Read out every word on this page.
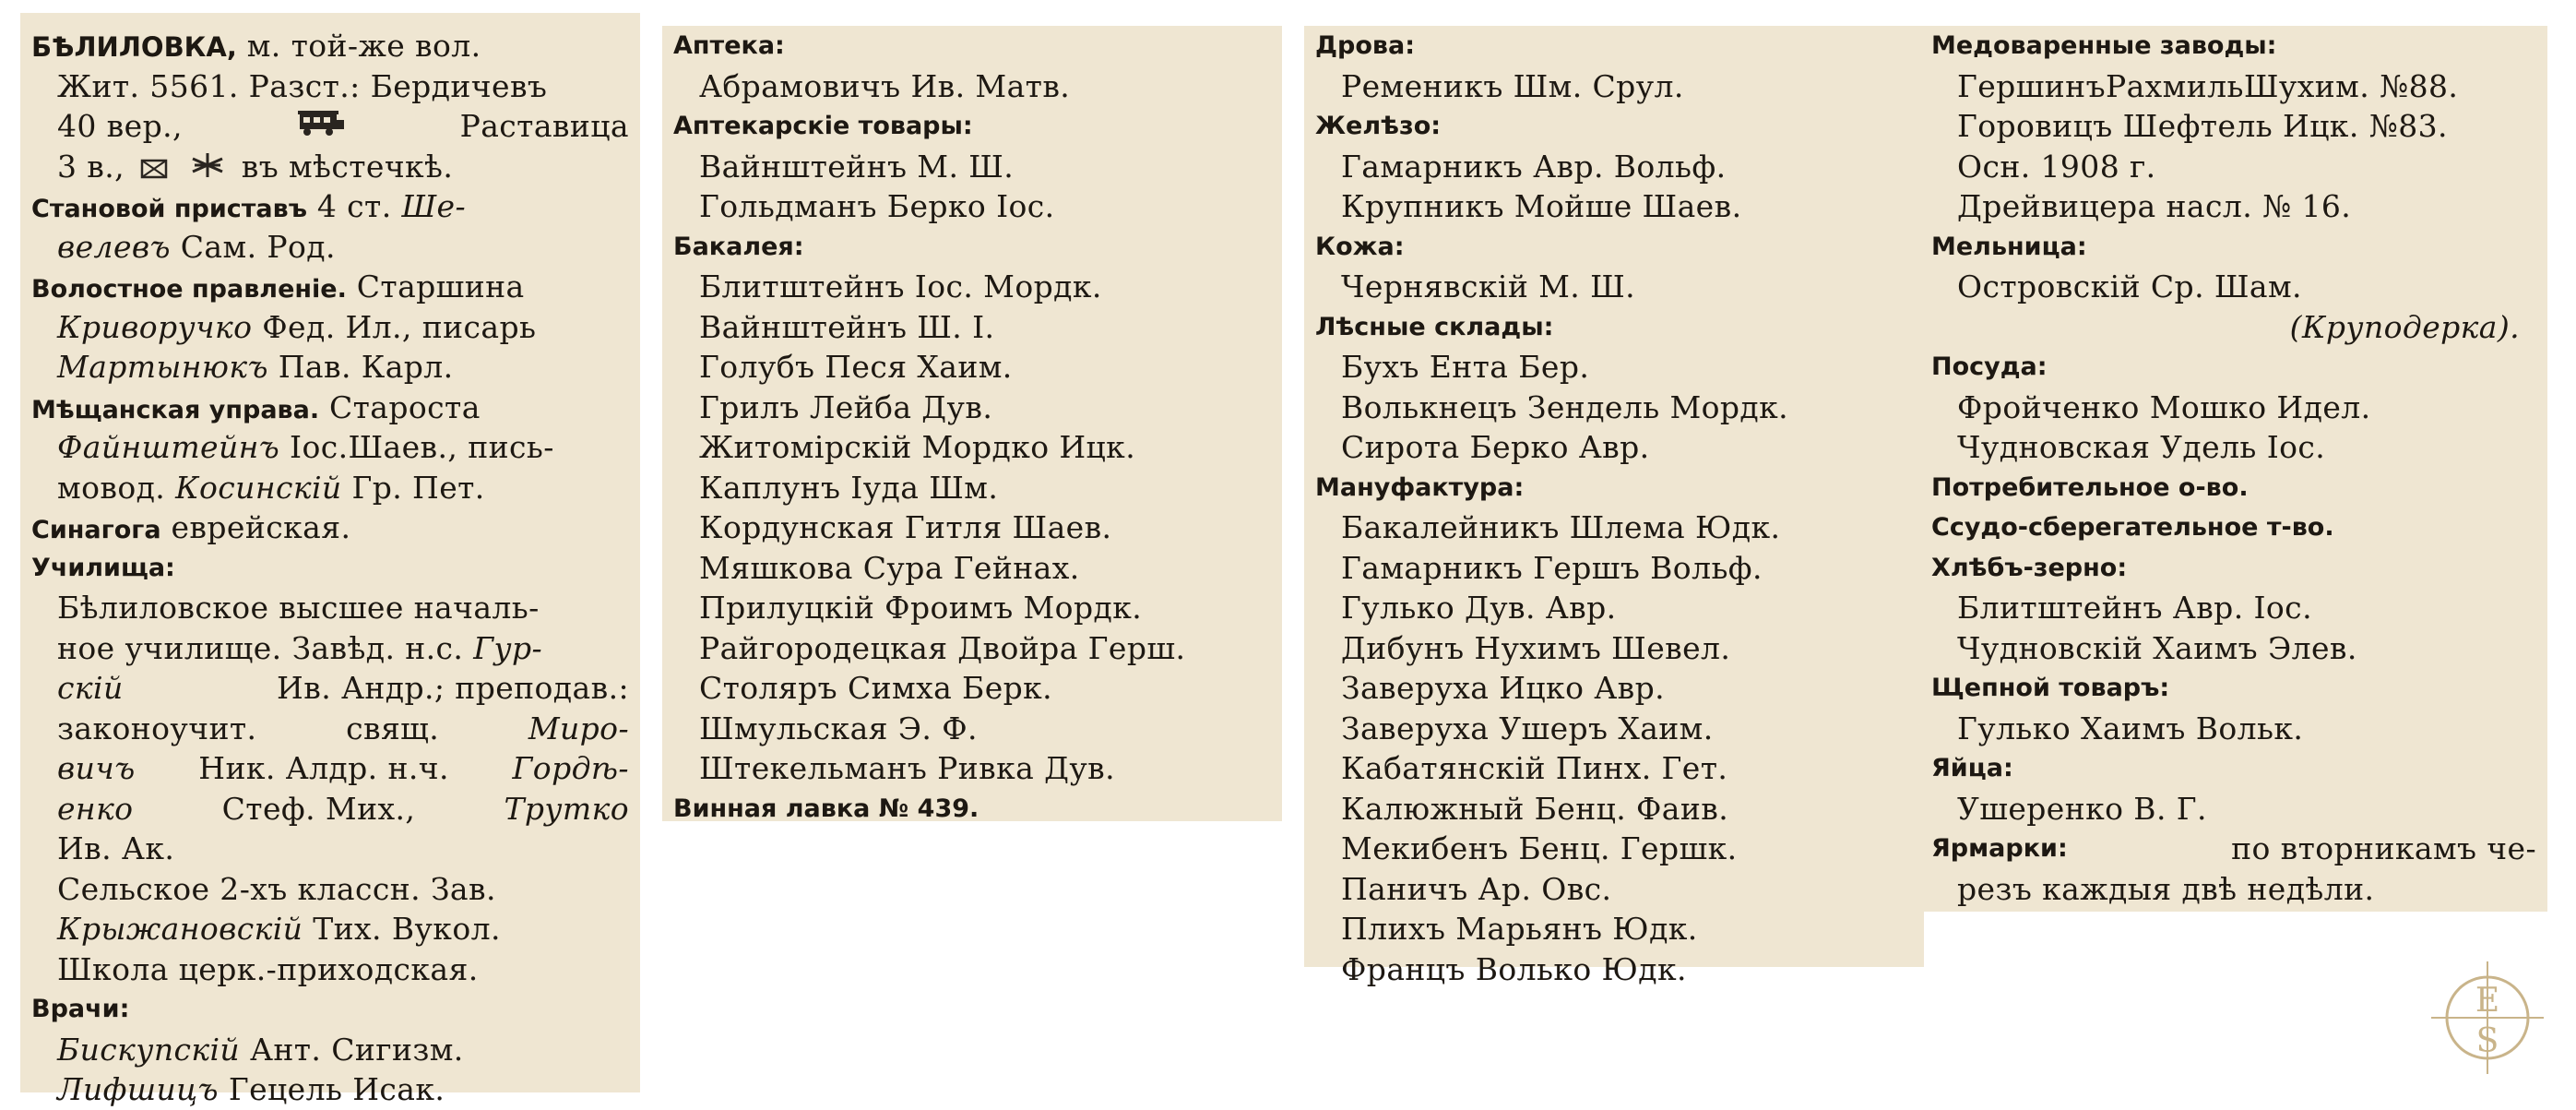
БѢЛИЛОВКА, м. той-же вол.
Жит. 5561. Разст.: Бердичевъ
40 вер.,	Раставица
3 в.,	въ мѣстечкѣ.
Становой приставъ 4 ст. Ше-
велевъ Сам. Род.
Волостное правленіе. Старшина
Криворучко Фед. Ил., писарь
Мартынюкъ Пав. Карл.
Мѣщанская управа. Староста
Файнштейнъ Іос.Шаев., пись-
мовод. Косинскій Гр. Пет.
Синагога еврейская.
Училища:
Бѣлиловское высшее началь-
ное училище. Завѣд. н.с. Гур-
скій	Ив. Андр.; преподав.:
законоучит.	свящ.	Миро-
вичъ Ник. Алдр. н.ч. Гордѣ-
енко	Стеф. Мих.,	Трутко
Ив. Ак.
Сельское 2-хъ классн. Зав.
Крыжановскій Тих. Вукол.
Школа церк.-приходская.
Врачи:
Бискупскій Ант. Сигизм.
Лифшицъ Гецель Исак.
Аптека:
Абрамовичъ Ив. Матв.
Аптекарскіе товары:
Вайнштейнъ М. Ш.
Гольдманъ Берко Іос.
Бакалея:
Блитштейнъ Іос. Мордк.
Вайнштейнъ Ш. І.
Голубъ Песя Хаим.
Грилъ Лейба Дув.
Житомірскій Мордко Ицк.
Каплунъ Іуда Шм.
Кордунская Гитля Шаев.
Мяшкова Сура Гейнах.
Прилуцкій Фроимъ Мордк.
Райгородецкая Двойра Герш.
Столяръ Симха Берк.
Шмульская Э. Ф.
Штекельманъ Ривка Дув.
Винная лавка № 439.
Дрова:
Ременикъ Шм. Срул.
Желѣзо:
Гамарникъ Авр. Вольф.
Крупникъ Мойше Шаев.
Кожа:
Чернявскій М. Ш.
Лѣсные склады:
Бухъ Ента Бер.
Волькнецъ Зендель Мордк.
Сирота Берко Авр.
Мануфактура:
Бакалейникъ Шлема Юдк.
Гамарникъ Гершъ Вольф.
Гулько Дув. Авр.
Дибунъ Нухимъ Шевел.
Заверуха Ицко Авр.
Заверуха Ушеръ Хаим.
Кабатянскій Пинх. Гет.
Калюжный Бенц. Фаив.
Мекибенъ Бенц. Гершк.
Паничъ Ар. Овс.
Плихъ Марьянъ Юдк.
Францъ Волько Юдк.
Медоваренные заводы:
ГершинъРахмильШухим. №88.
Горовицъ Шефтель Ицк. №83.
Осн. 1908 г.
Дрейвицера насл. № 16.
Мельница:
Островскій Ср. Шам.
(Круподерка).
Посуда:
Фройченко Мошко Идел.
Чудновская Удель Іос.
Потребительное о-во.
Ссудо-сберегательное т-во.
Хлѣбъ-зерно:
Блитштейнъ Авр. Іос.
Чудновскій Хаимъ Элев.
Щепной товаръ:
Гулько Хаимъ Вольк.
Яйца:
Ушеренко В. Г.
Ярмарки:	по вторникамъ че-
резъ каждыя двѣ недѣли.
E
S
